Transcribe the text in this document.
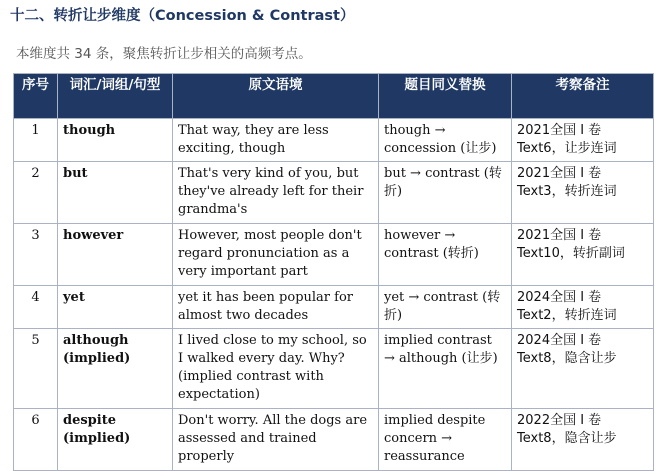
十二、转折让步维度（Concession & Contrast）
本维度共 34 条，聚焦转折让步相关的高频考点。
序号	词汇/词组/句型	原文语境	题目同义替换	考察备注
1	though	That way, they are less exciting, though	though → concession (让步)	2021全国 I 卷 Text6，让步连词
2	but	That's very kind of you, but they've already left for their grandma's	but → contrast (转折)	2021全国 I 卷 Text3，转折连词
3	however	However, most people don't regard pronunciation as a very important part	however → contrast (转折)	2021全国 I 卷 Text10，转折副词
4	yet	yet it has been popular for almost two decades	yet → contrast (转折)	2024全国 I 卷 Text2，转折连词
5	although (implied)	I lived close to my school, so I walked every day. Why? (implied contrast with expectation)	implied contrast → although (让步)	2024全国 I 卷 Text8，隐含让步
6	despite (implied)	Don't worry. All the dogs are assessed and trained properly	implied despite concern → reassurance	2022全国 I 卷 Text8，隐含让步
